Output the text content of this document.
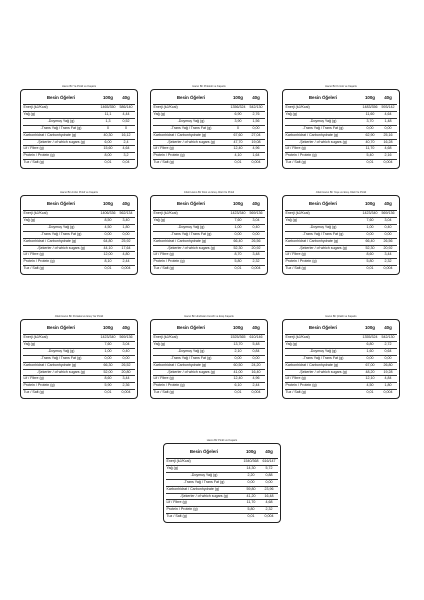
Hacıo Bir Ya Pinkli ve Kaşaris
Besin Öğeleri	100g	40g
Enerji (kJ/Kcal)	1465/350	586/140
Yağ (g)	11,1	4,44
-Doymuş Yağ (g)	1,3	0,52
-Trans Yağ / Trans Fat (g)	0	0
Karbonhidrat / Carbonhydrate (g)	40,30	16,12
-Şekerler / of which sugars (g)	6,00	2,4
Lif / Fibre (g)	15,60	4,64
Protein / Protein (g)	8,00	3,2
Tuz / Salt (g)	0,01	0,04
Hacıo Bir Pinkkolt ve Kaşaris
Besin Öğeleri	100g	40g
Enerji (kJ/Kcal)	1356/324	542/130
Yağ (g)	6,90	2,76
-Doymuş Yağ (g)	3,90	1,56
-Trans Yağ / Trans Fat (g)	0	0,00
Karbonhidrat / Carbonhydrate (g)	67,60	27,04
-Şekerler / of which sugars (g)	47,70	19,08
Lif / Fibre (g)	12,40	4,96
Protein / Protein (g)	4,10	1,64
Tuz / Salt (g)	0,01	0,004
Hacıo Bir Kırmlo ve Kaşaris
Besin Öğeleri	100g	40g
Enerji (kJ/Kcal)	1483/356	593/142
Yağ (g)	11,60	4,64
-Doymuş Yağ (g)	3,70	1,48
-Trans Yağ / Trans Fat (g)	0,00	0,00
Karbonhidrat / Carbonhydrate (g)	62,90	25,16
-Şekerler / of which sugars (g)	40,70	16,28
Lif / Fibre (g)	11,70	4,68
Protein / Protein (g)	5,40	2,16
Tuz / Salt (g)	0,01	0,004
Hacıo Bir Ambo Pinkli ve Kaşaris
Besin Öğeleri	100g	40g
Enerji (kJ/Kcal)	1406/336	562/134
Yağ (g)	8,50	3,40
-Doymuş Yağ (g)	4,50	1,80
-Trans Yağ / Trans Fat (g)	0,00	0,00
Karbonhidrat / Carbonhydrate (g)	64,80	25,92
-Şekerler / of which sugars (g)	44,10	17,64
Lif / Fibre (g)	12,00	4,80
Protein / Protein (g)	8,10	2,44
Tuz / Salt (g)	0,01	0,004
Jöleli Hacıo Bir Dost ve Ereş Jöleli Ve Pinkli
Besin Öğeleri	100g	40g
Enerji (kJ/Kcal)	1423/340	569/136
Yağ (g)	7,60	3,04
-Doymuş Yağ (g)	1,00	0,40
-Trans Yağ / Trans Fat (g)	0,00	0,00
Karbonhidrat / Carbonhydrate (g)	66,40	26,56
-Şekerler / of which sugars (g)	52,30	20,92
Lif / Fibre (g)	8,70	3,48
Protein / Protein (g)	5,80	2,32
Tuz / Salt (g)	0,01	0,004
Jöleli Hacıo Bir Yeşe ve Ereş Jöleli Ve Pinkli
Besin Öğeleri	100g	40g
Enerji (kJ/Kcal)	1423/340	569/136
Yağ (g)	7,60	3,04
-Doymuş Yağ (g)	1,00	0,40
-Trans Yağ / Trans Fat (g)	0,00	0,00
Karbonhidrat / Carbonhydrate (g)	66,40	26,56
-Şekerler / of which sugars (g)	52,30	20,92
Lif / Fibre (g)	8,60	3,44
Protein / Protein (g)	5,80	2,32
Tuz / Salt (g)	0,01	0,004
Jöleli Hacıo Bir Portakal ve Ereş Yar Pinkli
Besin Öğeleri	100g	40g
Enerji (kJ/Kcal)	1423/340	569/136
Yağ (g)	7,60	3,04
-Doymuş Yağ (g)	1,00	0,40
-Trans Yağ / Trans Fat (g)	0,00	0,00
Karbonhidrat / Carbonhydrate (g)	66,30	26,52
-Şekerler / of which sugars (g)	52,00	20,80
Lif / Fibre (g)	8,60	3,44
Protein / Protein (g)	5,90	2,36
Tuz / Salt (g)	0,01	0,004
Hacıo Bir Hindistan Cevizli ve Ereş Kaşaris
Besin Öğeleri	100g	40g
Enerji (kJ/Kcal)	1525/365	610/146
Yağ (g)	13,70	5,48
-Doymuş Yağ (g)	2,10	0,84
-Trans Yağ / Trans Fat (g)	0,00	0,00
Karbonhidrat / Carbonhydrate (g)	60,50	24,20
-Şekerler / of which sugars (g)	41,00	16,40
Lif / Fibre (g)	12,40	4,96
Protein / Protein (g)	6,10	2,44
Tuz / Salt (g)	0,01	0,004
Hacıo Bir Çilekli ve Kaşaris
Besin Öğeleri	100g	40g
Enerji (kJ/Kcal)	1355/324	542/130
Yağ (g)	6,80	2,72
-Doymuş Yağ (g)	1,60	0,64
-Trans Yağ / Trans Fat (g)	0,00	0,00
Karbonhidrat / Carbonhydrate (g)	67,00	26,80
-Şekerler / of which sugars (g)	48,20	19,28
Lif / Fibre (g)	12,10	4,84
Protein / Protein (g)	4,50	1,80
Tuz / Salt (g)	0,01	0,004
Hacıo Bir Pinkli ve Kaşaris
Besin Öğeleri	100g	40g
Enerji (kJ/Kcal)	1540/368	616/147
Yağ (g)	14,30	5,72
-Doymuş Yağ (g)	2,20	0,88
-Trans Yağ / Trans Fat (g)	0,00	0,00
Karbonhidrat / Carbonhydrate (g)	59,80	23,96
-Şekerler / of which sugars (g)	41,20	16,48
Lif / Fibre (g)	11,70	4,68
Protein / Protein (g)	5,80	2,32
Tuz / Salt (g)	0,01	0,004
